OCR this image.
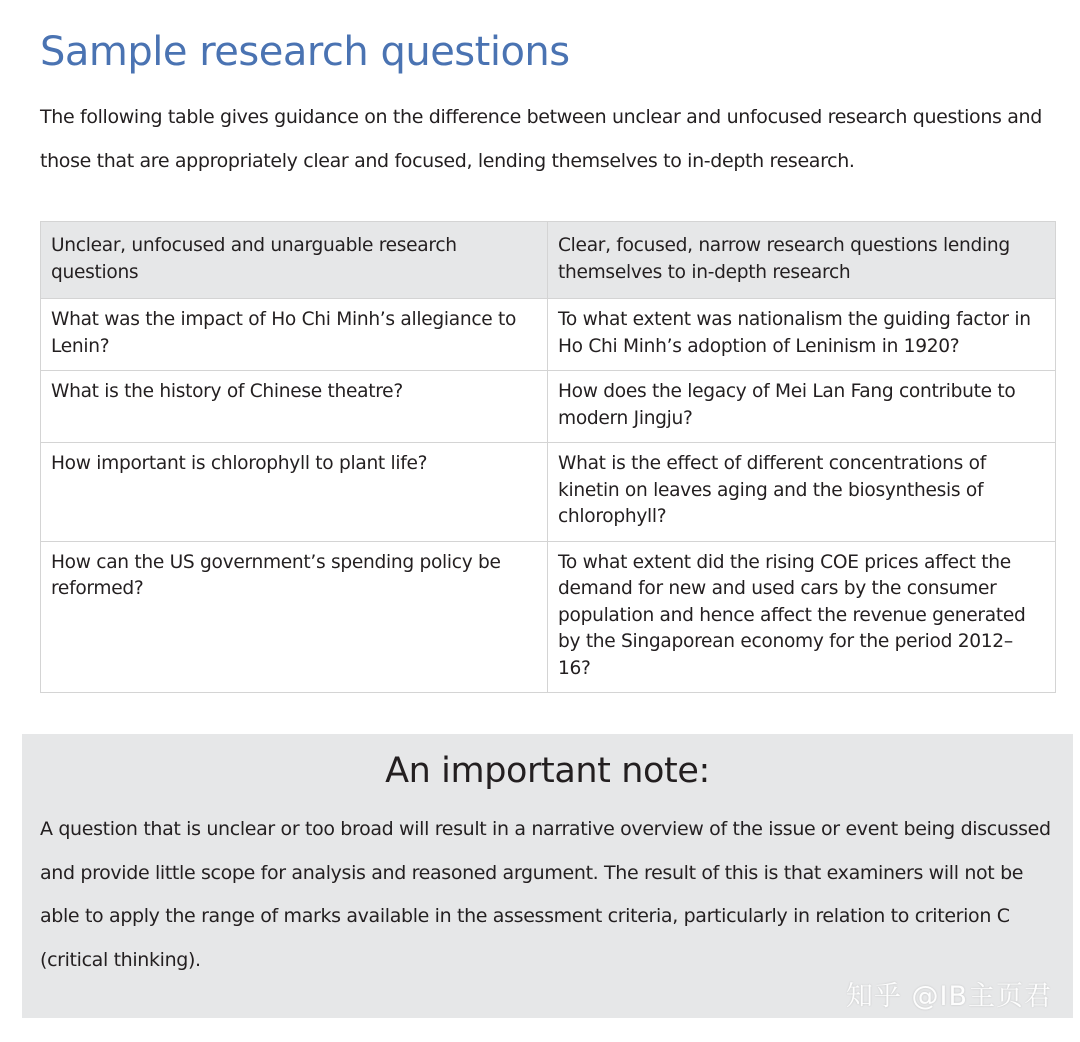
Sample research questions

The following table gives guidance on the difference between unclear and unfocused research questions and those that are appropriately clear and focused, lending themselves to in-depth research.

Unclear, unfocused and unarguable research questions	Clear, focused, narrow research questions lending themselves to in-depth research
What was the impact of Ho Chi Minh’s allegiance to Lenin?	To what extent was nationalism the guiding factor in Ho Chi Minh’s adoption of Leninism in 1920?
What is the history of Chinese theatre?	How does the legacy of Mei Lan Fang contribute to modern Jingju?
How important is chlorophyll to plant life?	What is the effect of different concentrations of kinetin on leaves aging and the biosynthesis of chlorophyll?
How can the US government’s spending policy be reformed?	To what extent did the rising COE prices affect the demand for new and used cars by the consumer population and hence affect the revenue generated by the Singaporean economy for the period 2012–16?
An important note:

A question that is unclear or too broad will result in a narrative overview of the issue or event being discussed and provide little scope for analysis and reasoned argument. The result of this is that examiners will not be able to apply the range of marks available in the assessment criteria, particularly in relation to criterion C (critical thinking).

知乎 @IB主页君
